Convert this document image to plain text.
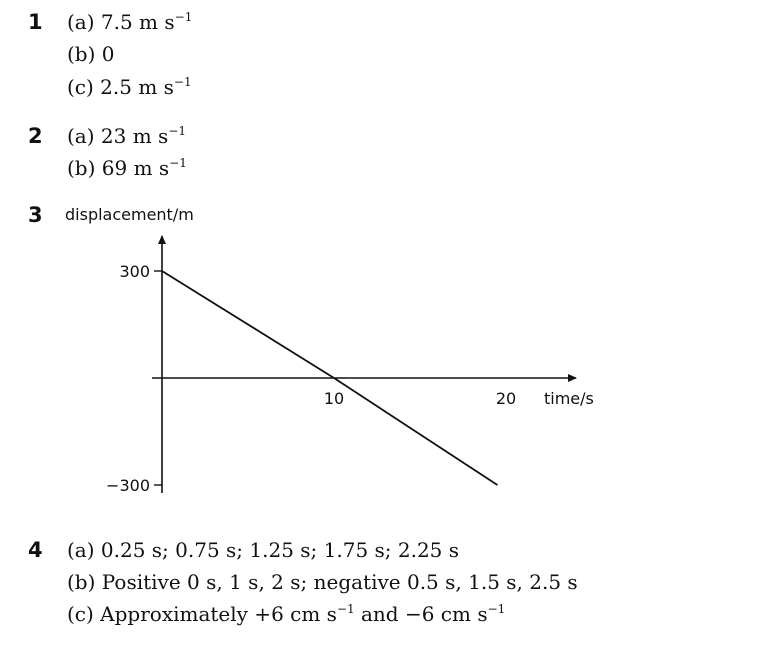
1 (a) 7.5 m $s^{-1}$
(b) 0
(c) 2.5 m $s^{-1}$
2 (a) 23 m $s^{-1}$
(b) 69 m $s^{-1}$
3
300
−300
10	20
displacement/m
time/s
4 (a) 0.25 s; 0.75 s; 1.25 s; 1.75 s; 2.25 s
(b) Positive 0 s, 1 s, 2 s; negative 0.5 s, 1.5 s, 2.5 s
(c) Approximately +6 cm $s^{-1}$ and −6 cm $s^{-1}$
